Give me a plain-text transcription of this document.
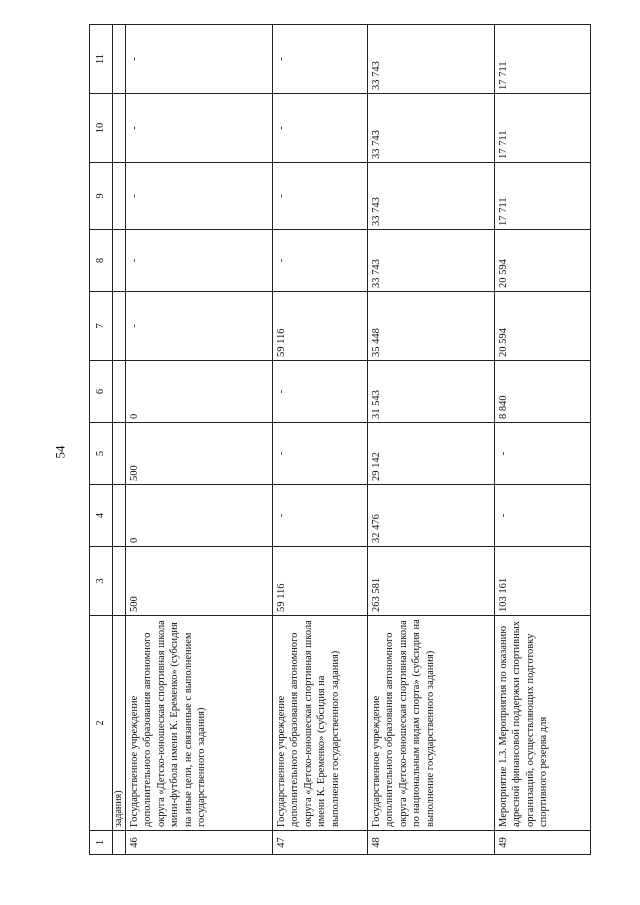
54
1	2	3	4	5	6	7	8	9	10	11
	задания)									
46	Государственное учреждение дополнительного образования автономного округа «Детско-юношеская спортивная школа мини-футбола имени К. Еременко» (субсидия на иные цели, не связанные с выполнением государственного задания)	500	0	500	0	-	-	-	-	-
47	Государственное учреждение дополнительного образования автономного округа «Детско-юношеская спортивная школа имени К. Еременко» (субсидия на выполнение государственного задания)	59 116	-	-	-	59 116	-	-	-	-
48	Государственное учреждение дополнительного образования автономного округа «Детско-юношеская спортивная школа по национальным видам спорта» (субсидия на выполнение государственного задания)	263 581	32 476	29 142	31 543	35 448	33 743	33 743	33 743	33 743
49	Мероприятие 1.3. Мероприятия по оказанию адресной финансовой поддержки спортивных организаций, осуществляющих подготовку спортивного резерва для	103 161	-	-	8 840	20 594	20 594	17 711	17 711	17 711
